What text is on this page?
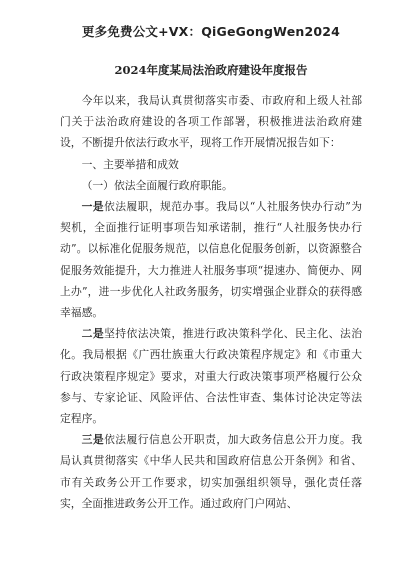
更多免费公文+VX：QiGeGongWen2024
2024年度某局法治政府建设年度报告

今年以来，我局认真贯彻落实市委、市政府和上级人社部门关于法治政府建设的各项工作部署，积极推进法治政府建设，不断提升依法行政水平，现将工作开展情况报告如下：

一、主要举措和成效

（一）依法全面履行政府职能。

一是依法履职，规范办事。我局以“人社服务快办行动”为契机，全面推行证明事项告知承诺制，推行“人社服务快办行动”。以标准化促服务规范，以信息化促服务创新，以资源整合促服务效能提升，大力推进人社服务事项“提速办、简便办、网上办”，进一步优化人社政务服务，切实增强企业群众的获得感幸福感。

二是坚持依法决策，推进行政决策科学化、民主化、法治化。我局根据《广西壮族重大行政决策程序规定》和《市重大行政决策程序规定》要求，对重大行政决策事项严格履行公众参与、专家论证、风险评估、合法性审查、集体讨论决定等法定程序。

三是依法履行信息公开职责，加大政务信息公开力度。我局认真贯彻落实《中华人民共和国政府信息公开条例》和省、市有关政务公开工作要求，切实加强组织领导，强化责任落实，全面推进政务公开工作。通过政府门户网站、
